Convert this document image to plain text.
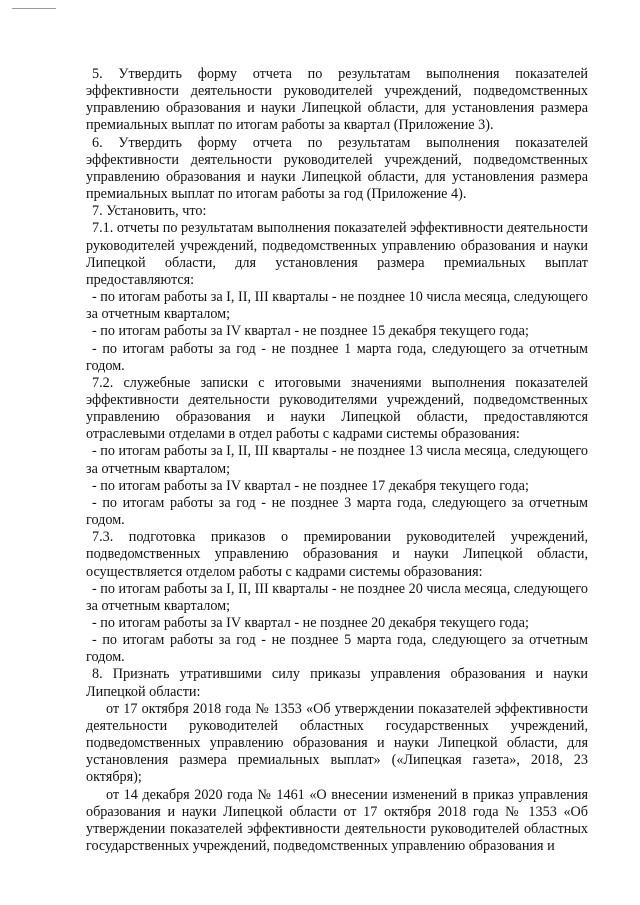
5. Утвердить форму отчета по результатам выполнения показателей эффективности деятельности руководителей учреждений, подведомственных управлению образования и науки Липецкой области, для установления размера премиальных выплат по итогам работы за квартал (Приложение 3).

6. Утвердить форму отчета по результатам выполнения показателей эффективности деятельности руководителей учреждений, подведомственных управлению образования и науки Липецкой области, для установления размера премиальных выплат по итогам работы за год (Приложение 4).

7. Установить, что:

7.1. отчеты по результатам выполнения показателей эффективности деятельности руководителей учреждений, подведомственных управлению образования и науки Липецкой области, для установления размера премиальных выплат предоставляются:

- по итогам работы за I, II, III кварталы - не позднее 10 числа месяца, следующего за отчетным кварталом;

- по итогам работы за IV квартал - не позднее 15 декабря текущего года;

- по итогам работы за год - не позднее 1 марта года, следующего за отчетным годом.

7.2. служебные записки с итоговыми значениями выполнения показателей эффективности деятельности руководителями учреждений, подведомственных управлению образования и науки Липецкой области, предоставляются отраслевыми отделами в отдел работы с кадрами системы образования:

- по итогам работы за I, II, III кварталы - не позднее 13 числа месяца, следующего за отчетным кварталом;

- по итогам работы за IV квартал - не позднее 17 декабря текущего года;

- по итогам работы за год - не позднее 3 марта года, следующего за отчетным годом.

7.3. подготовка приказов о премировании руководителей учреждений, подведомственных управлению образования и науки Липецкой области, осуществляется отделом работы с кадрами системы образования:

- по итогам работы за I, II, III кварталы - не позднее 20 числа месяца, следующего за отчетным кварталом;

- по итогам работы за IV квартал - не позднее 20 декабря текущего года;

- по итогам работы за год - не позднее 5 марта года, следующего за отчетным годом.

8. Признать утратившими силу приказы управления образования и науки Липецкой области:

от 17 октября 2018 года № 1353 «Об утверждении показателей эффективности деятельности руководителей областных государственных учреждений, подведомственных управлению образования и науки Липецкой области, для установления размера премиальных выплат» («Липецкая газета», 2018, 23 октября);

от 14 декабря 2020 года № 1461 «О внесении изменений в приказ управления образования и науки Липецкой области от 17 октября 2018 года № 1353 «Об утверждении показателей эффективности деятельности руководителей областных государственных учреждений, подведомственных управлению образования и
